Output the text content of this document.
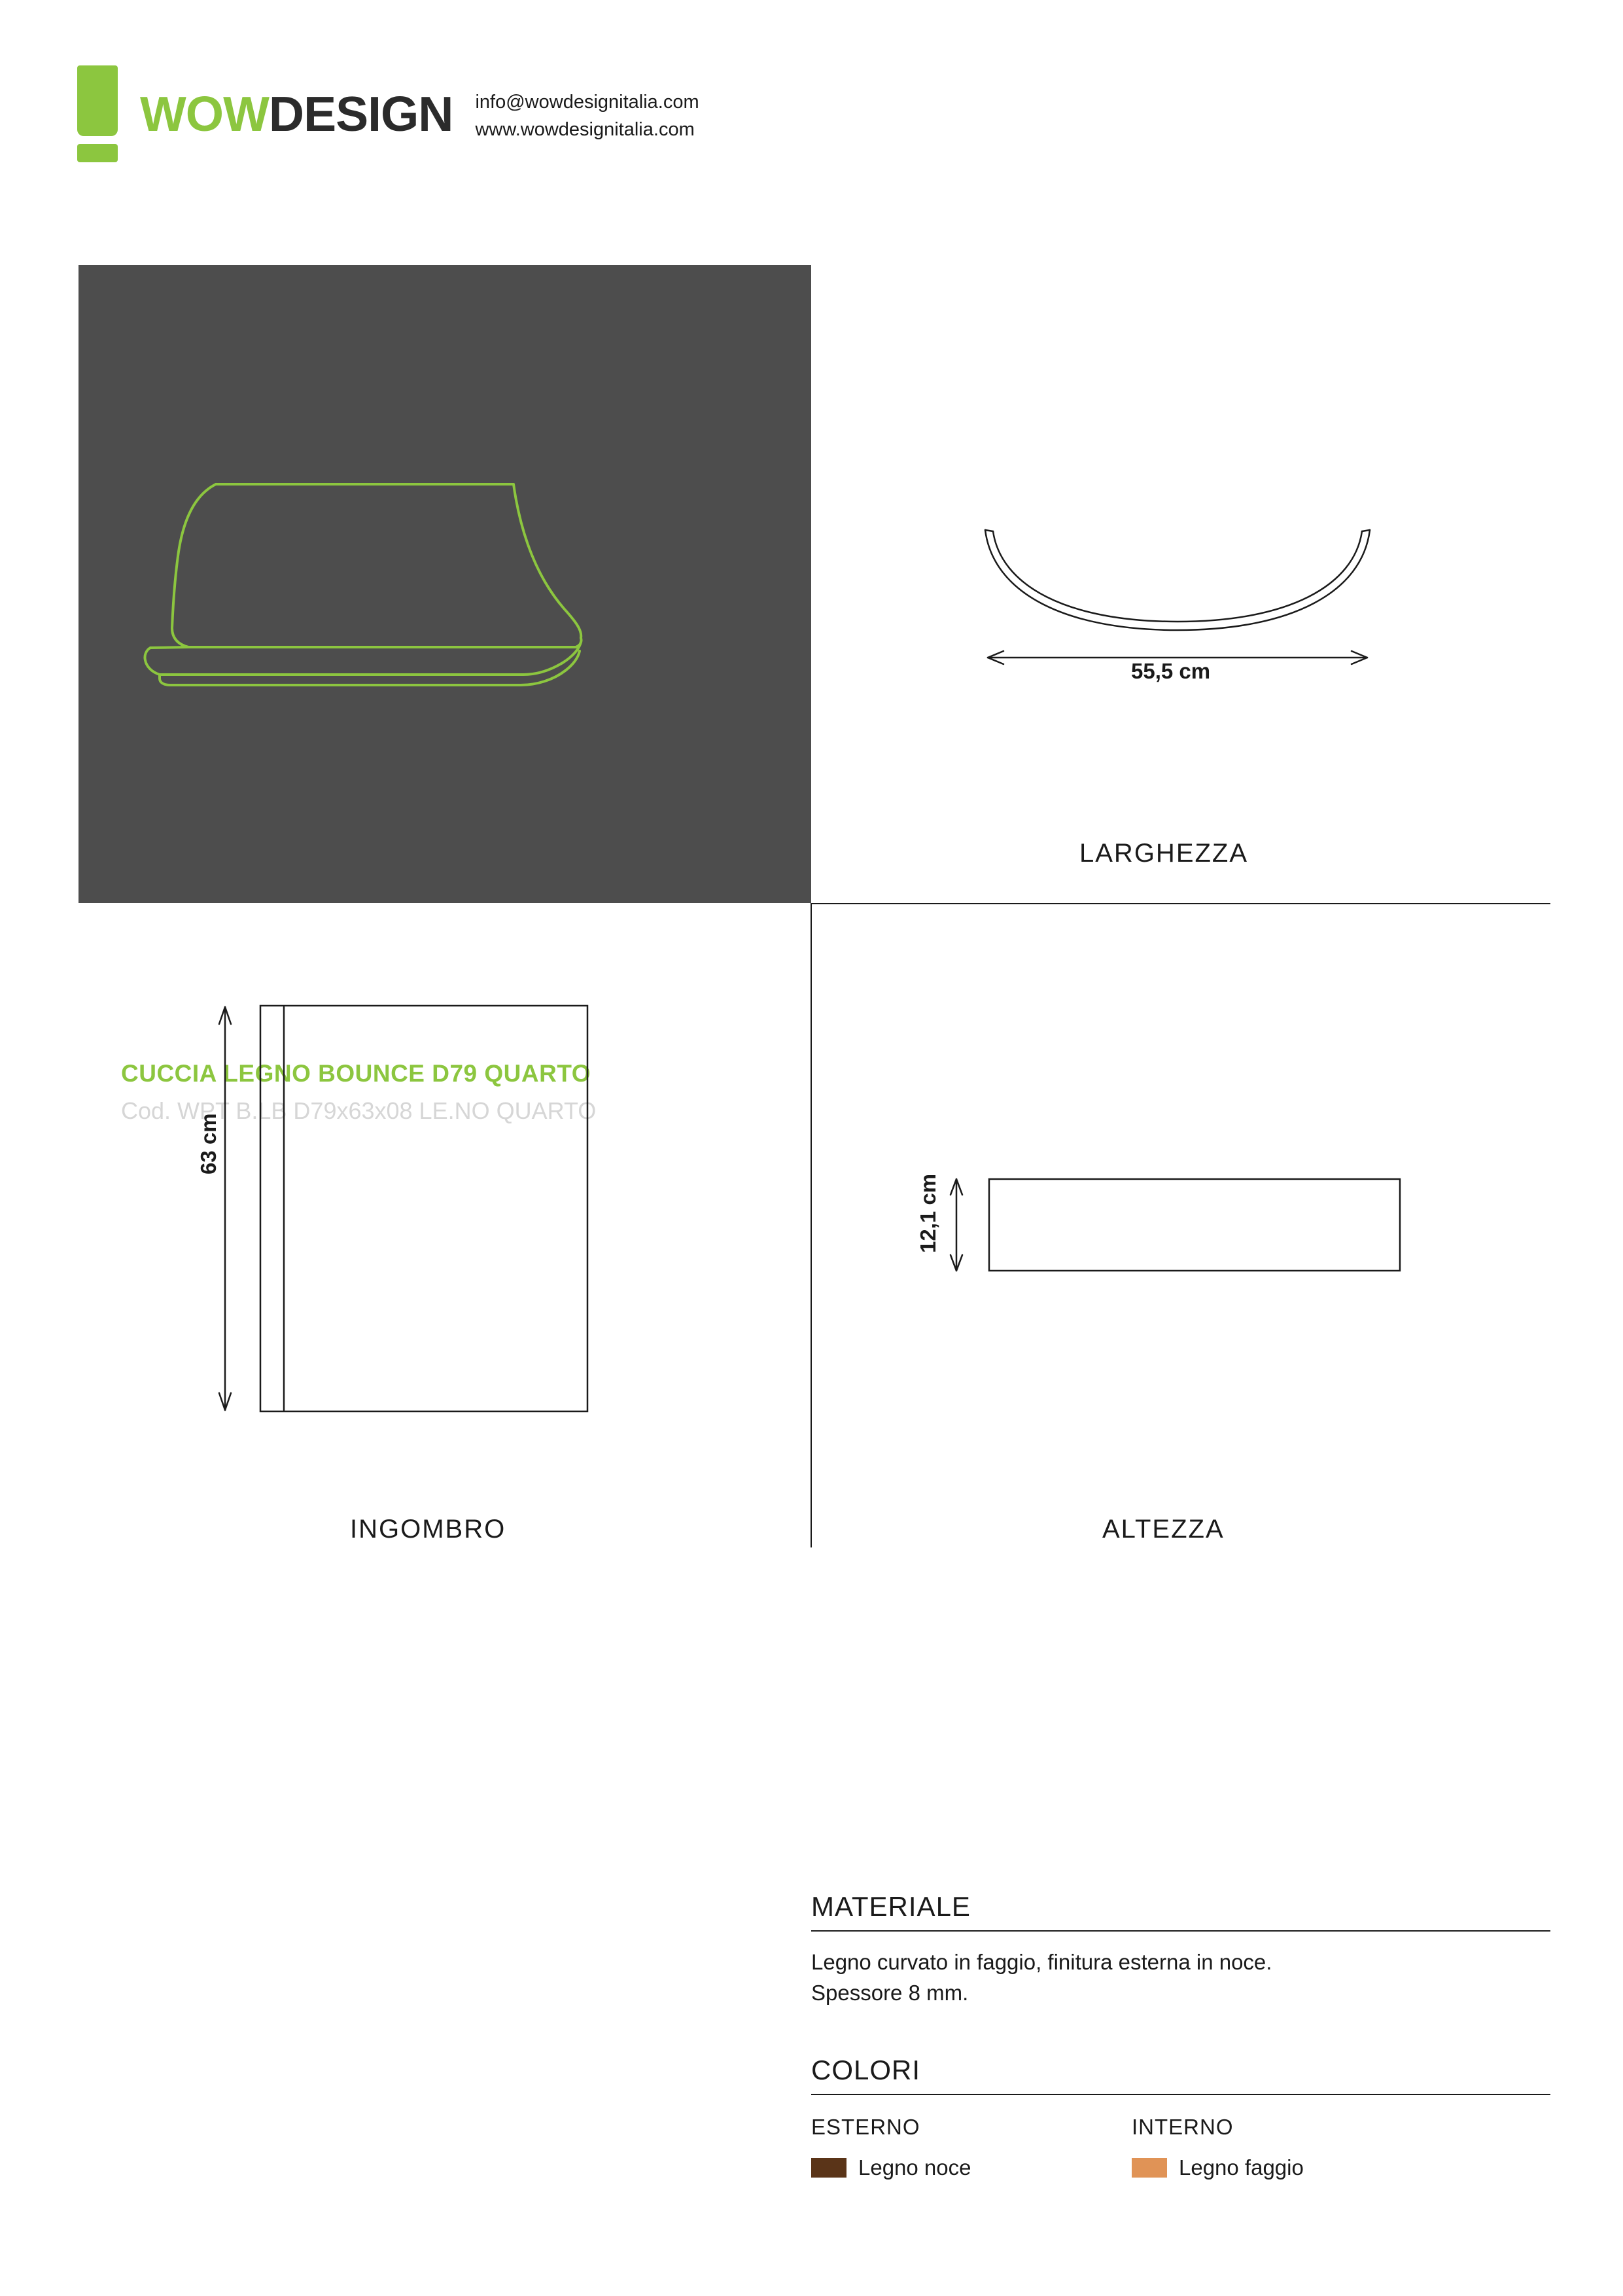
WOWDESIGN info@wowdesignitalia.com
www.wowdesignitalia.com
CUCCIA LEGNO BOUNCE D79 QUARTO
Cod. WPT B.LB D79x63x08 LE.NO QUARTO
55,5 cm
LARGHEZZA
63 cm
INGOMBRO
12,1 cm
ALTEZZA
MATERIALE
Legno curvato in faggio, finitura esterna in noce.
Spessore 8 mm.
COLORI
ESTERNO
Legno noce
INTERNO
Legno faggio
